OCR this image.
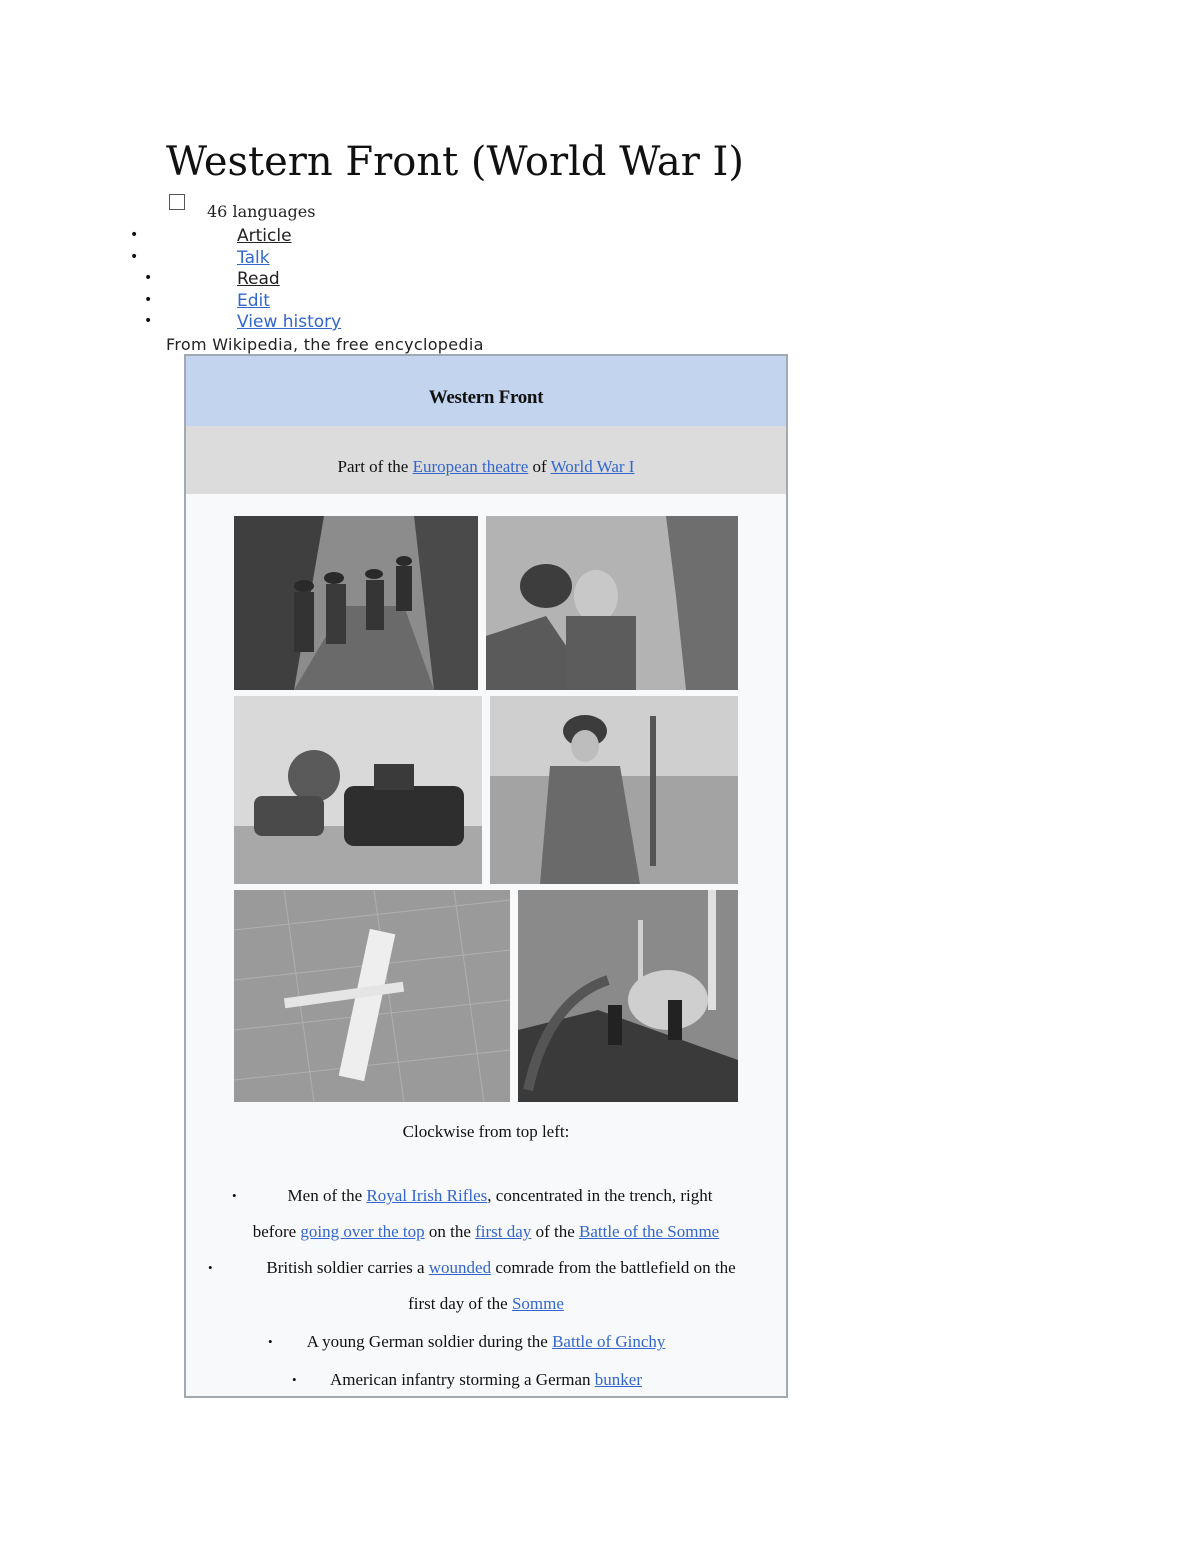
Western Front (World War I)
46 languages
•	Article
•	Talk
•	Read
•	Edit
•	View history
From Wikipedia, the free encyclopedia
Western Front
Part of the European theatre of World War I
Clockwise from top left:
•	Men of the Royal Irish Rifles, concentrated in the trench, right
before going over the top on the first day of the Battle of the Somme
•	British soldier carries a wounded comrade from the battlefield on the
first day of the Somme
•	A young German soldier during the Battle of Ginchy
•	American infantry storming a German bunker
